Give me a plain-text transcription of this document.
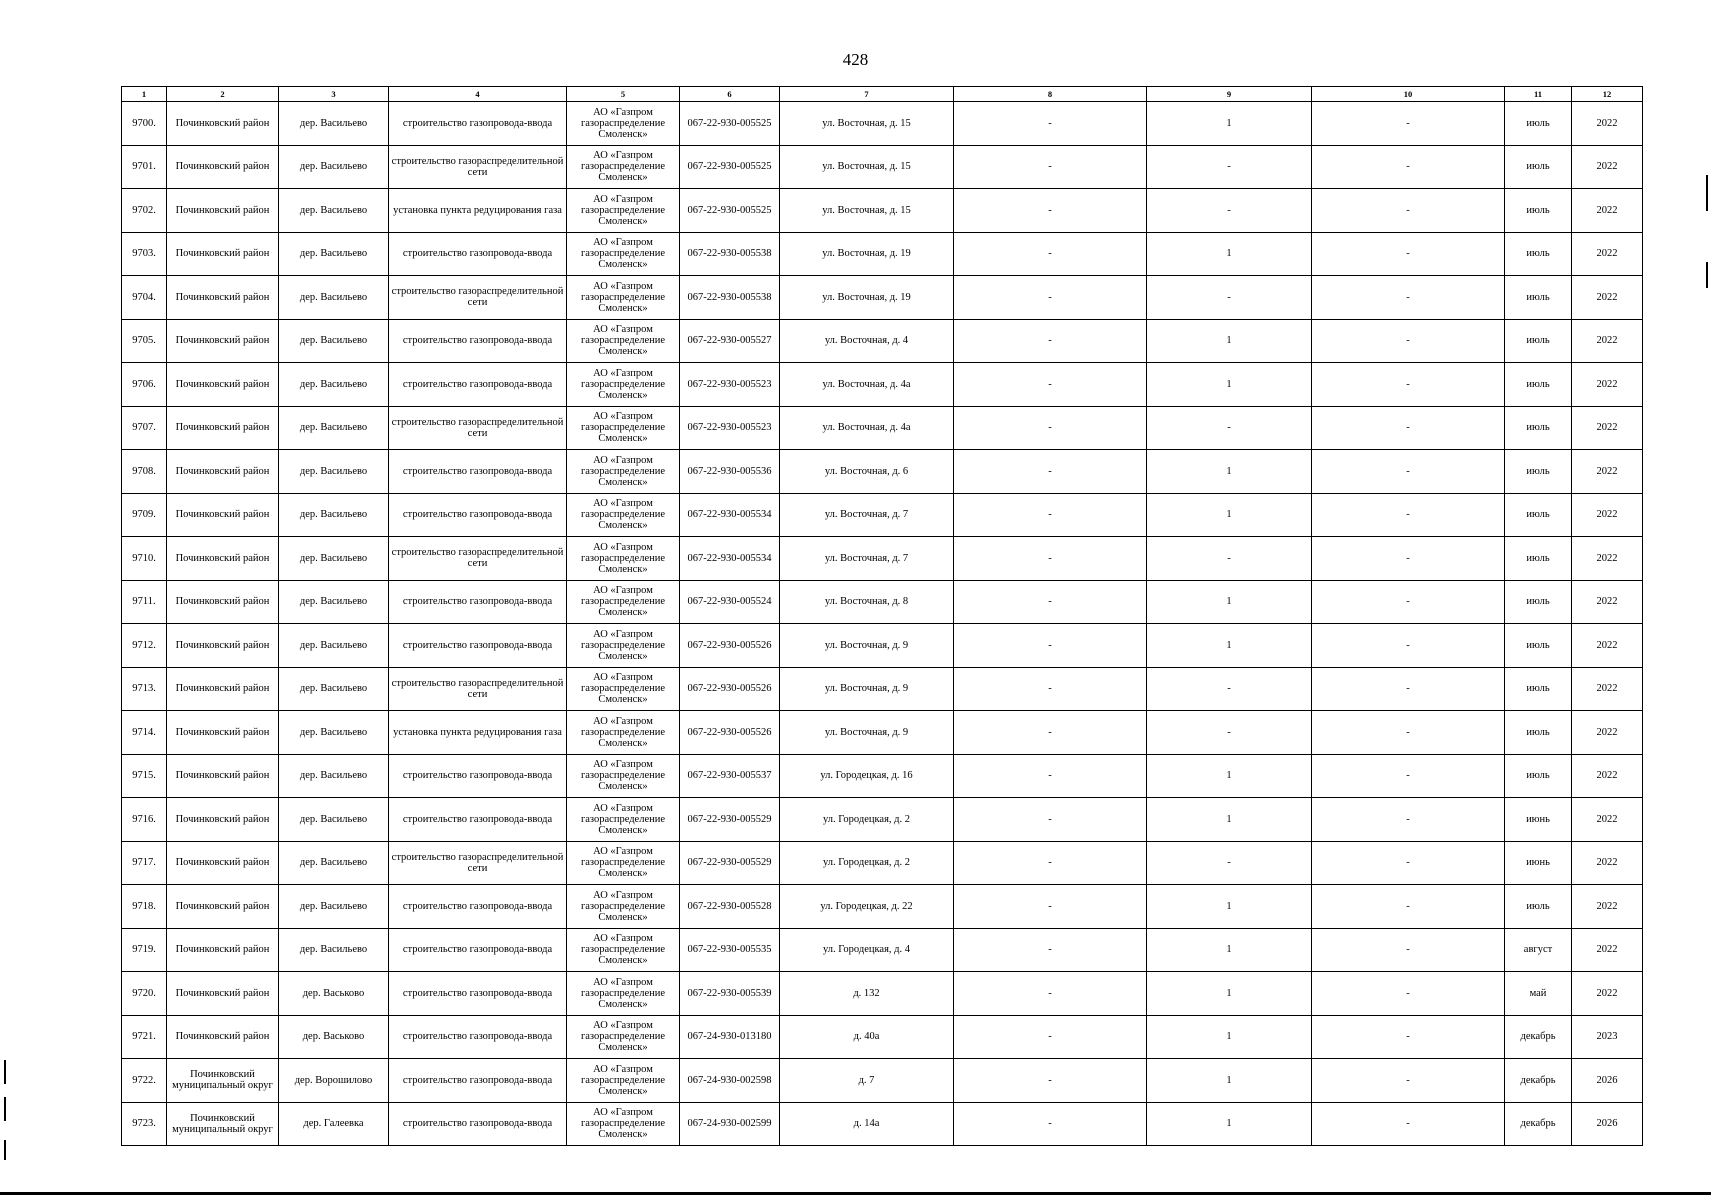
428
1	2	3	4	5	6	7	8	9	10	11	12
9700.	Починковский район	дер. Васильево	строительство газопровода-ввода	АО «Газпром газораспределение Смоленск»	067-22-930-005525	ул. Восточная, д. 15	-	1	-	июль	2022
9701.	Починковский район	дер. Васильево	строительство газораспределительной сети	АО «Газпром газораспределение Смоленск»	067-22-930-005525	ул. Восточная, д. 15	-	-	-	июль	2022
9702.	Починковский район	дер. Васильево	установка пункта редуцирования газа	АО «Газпром газораспределение Смоленск»	067-22-930-005525	ул. Восточная, д. 15	-	-	-	июль	2022
9703.	Починковский район	дер. Васильево	строительство газопровода-ввода	АО «Газпром газораспределение Смоленск»	067-22-930-005538	ул. Восточная, д. 19	-	1	-	июль	2022
9704.	Починковский район	дер. Васильево	строительство газораспределительной сети	АО «Газпром газораспределение Смоленск»	067-22-930-005538	ул. Восточная, д. 19	-	-	-	июль	2022
9705.	Починковский район	дер. Васильево	строительство газопровода-ввода	АО «Газпром газораспределение Смоленск»	067-22-930-005527	ул. Восточная, д. 4	-	1	-	июль	2022
9706.	Починковский район	дер. Васильево	строительство газопровода-ввода	АО «Газпром газораспределение Смоленск»	067-22-930-005523	ул. Восточная, д. 4а	-	1	-	июль	2022
9707.	Починковский район	дер. Васильево	строительство газораспределительной сети	АО «Газпром газораспределение Смоленск»	067-22-930-005523	ул. Восточная, д. 4а	-	-	-	июль	2022
9708.	Починковский район	дер. Васильево	строительство газопровода-ввода	АО «Газпром газораспределение Смоленск»	067-22-930-005536	ул. Восточная, д. 6	-	1	-	июль	2022
9709.	Починковский район	дер. Васильево	строительство газопровода-ввода	АО «Газпром газораспределение Смоленск»	067-22-930-005534	ул. Восточная, д. 7	-	1	-	июль	2022
9710.	Починковский район	дер. Васильево	строительство газораспределительной сети	АО «Газпром газораспределение Смоленск»	067-22-930-005534	ул. Восточная, д. 7	-	-	-	июль	2022
9711.	Починковский район	дер. Васильево	строительство газопровода-ввода	АО «Газпром газораспределение Смоленск»	067-22-930-005524	ул. Восточная, д. 8	-	1	-	июль	2022
9712.	Починковский район	дер. Васильево	строительство газопровода-ввода	АО «Газпром газораспределение Смоленск»	067-22-930-005526	ул. Восточная, д. 9	-	1	-	июль	2022
9713.	Починковский район	дер. Васильево	строительство газораспределительной сети	АО «Газпром газораспределение Смоленск»	067-22-930-005526	ул. Восточная, д. 9	-	-	-	июль	2022
9714.	Починковский район	дер. Васильево	установка пункта редуцирования газа	АО «Газпром газораспределение Смоленск»	067-22-930-005526	ул. Восточная, д. 9	-	-	-	июль	2022
9715.	Починковский район	дер. Васильево	строительство газопровода-ввода	АО «Газпром газораспределение Смоленск»	067-22-930-005537	ул. Городецкая, д. 16	-	1	-	июль	2022
9716.	Починковский район	дер. Васильево	строительство газопровода-ввода	АО «Газпром газораспределение Смоленск»	067-22-930-005529	ул. Городецкая, д. 2	-	1	-	июнь	2022
9717.	Починковский район	дер. Васильево	строительство газораспределительной сети	АО «Газпром газораспределение Смоленск»	067-22-930-005529	ул. Городецкая, д. 2	-	-	-	июнь	2022
9718.	Починковский район	дер. Васильево	строительство газопровода-ввода	АО «Газпром газораспределение Смоленск»	067-22-930-005528	ул. Городецкая, д. 22	-	1	-	июль	2022
9719.	Починковский район	дер. Васильево	строительство газопровода-ввода	АО «Газпром газораспределение Смоленск»	067-22-930-005535	ул. Городецкая, д. 4	-	1	-	август	2022
9720.	Починковский район	дер. Васьково	строительство газопровода-ввода	АО «Газпром газораспределение Смоленск»	067-22-930-005539	д. 132	-	1	-	май	2022
9721.	Починковский район	дер. Васьково	строительство газопровода-ввода	АО «Газпром газораспределение Смоленск»	067-24-930-013180	д. 40а	-	1	-	декабрь	2023
9722.	Починковский муниципальный округ	дер. Ворошилово	строительство газопровода-ввода	АО «Газпром газораспределение Смоленск»	067-24-930-002598	д. 7	-	1	-	декабрь	2026
9723.	Починковский муниципальный округ	дер. Галеевка	строительство газопровода-ввода	АО «Газпром газораспределение Смоленск»	067-24-930-002599	д. 14а	-	1	-	декабрь	2026
